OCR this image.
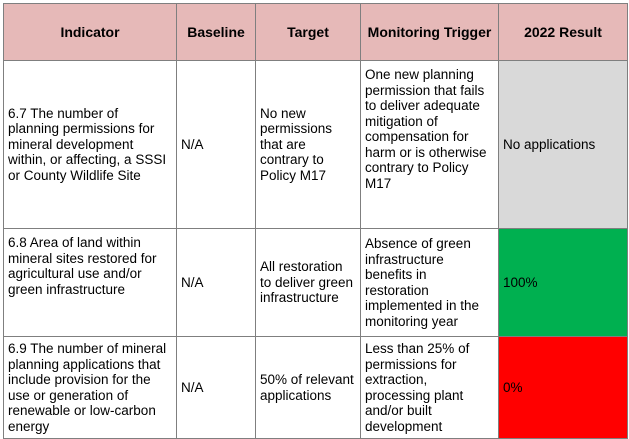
Indicator	Baseline	Target	Monitoring Trigger	2022 Result
6.7 The number of planning permissions for mineral development within, or affecting, a SSSI or County Wildlife Site	N/A	No new permissions that are contrary to Policy M17	One new planning permission that fails to deliver adequate mitigation of compensation for harm or is otherwise contrary to Policy M17	No applications
6.8 Area of land within mineral sites restored for agricultural use and/or green infrastructure	N/A	All restoration to deliver green infrastructure	Absence of green infrastructure benefits in restoration implemented in the monitoring year	100%
6.9 The number of mineral planning applications that include provision for the use or generation of renewable or low-carbon energy	N/A	50% of relevant applications	Less than 25% of permissions for extraction, processing plant and/or built development	0%
